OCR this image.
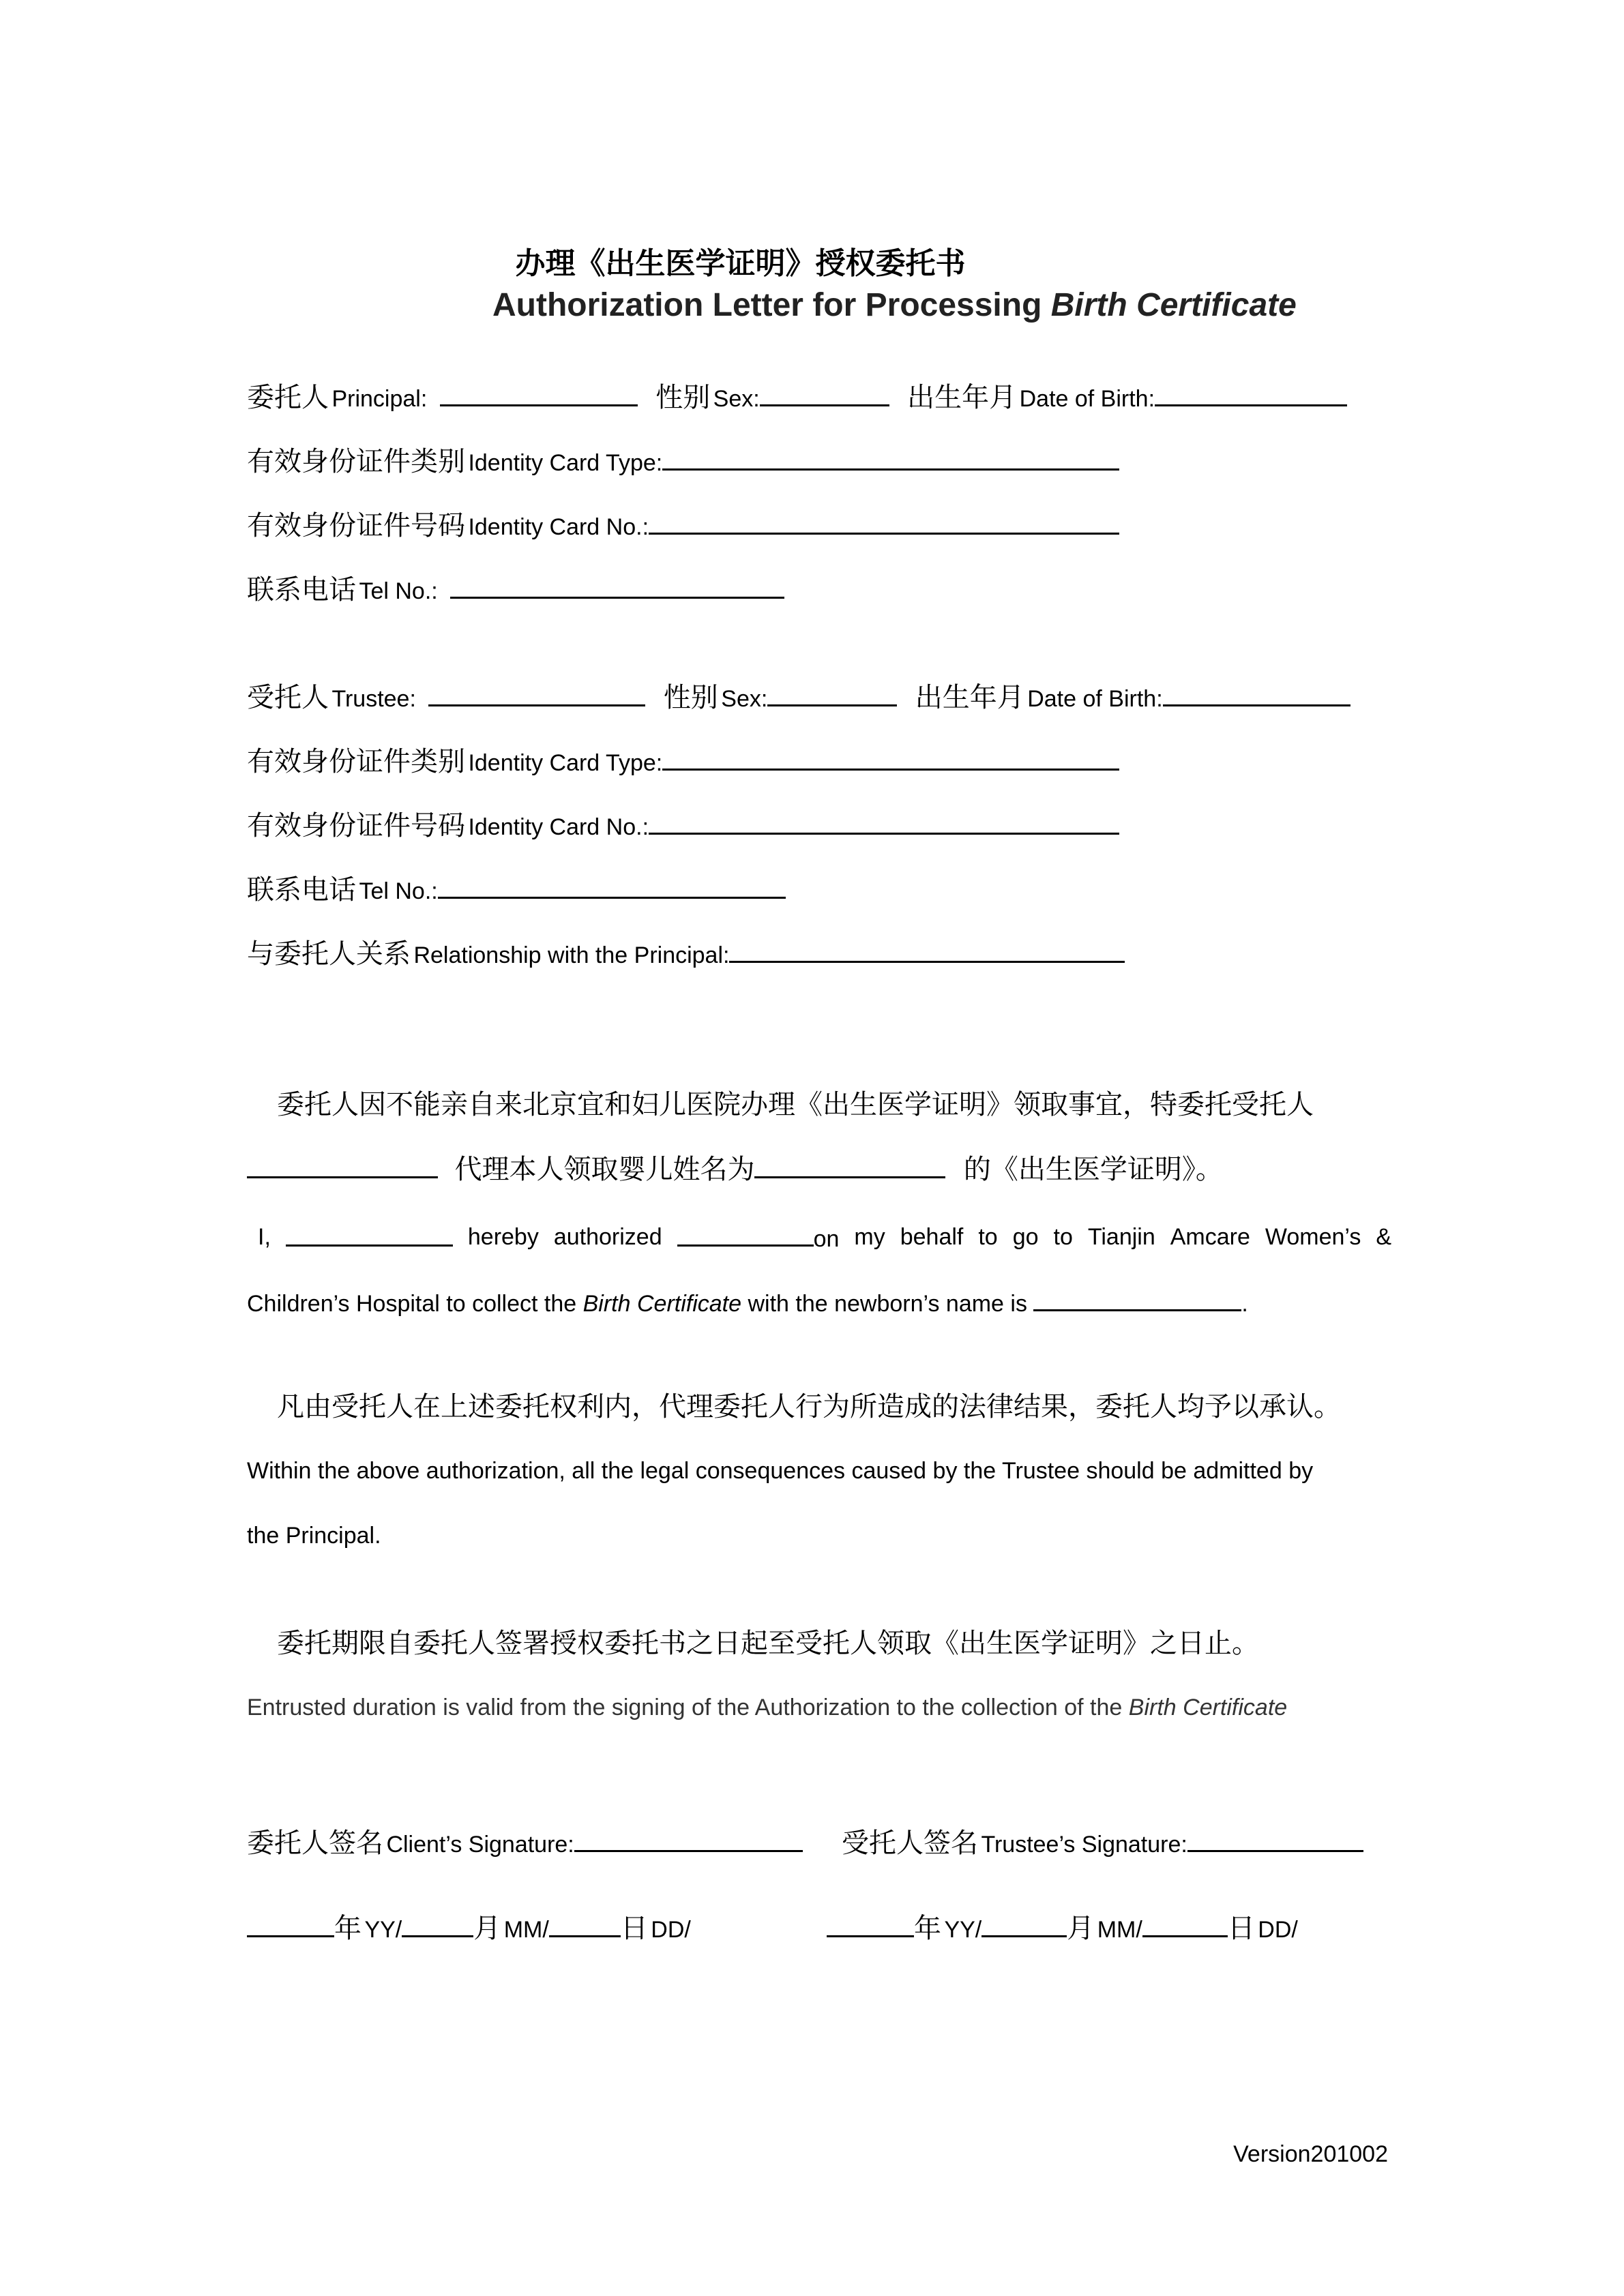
办理《出生医学证明》授权委托书
Authorization Letter for Processing Birth Certificate
委托人 Principal:	性别 Sex:	出生年月 Date of Birth:
有效身份证件类别 Identity Card Type:
有效身份证件号码 Identity Card No.:
联系电话 Tel No.:
受托人 Trustee:	性别 Sex:	出生年月 Date of Birth:
有效身份证件类别 Identity Card Type:
有效身份证件号码 Identity Card No.:
联系电话 Tel No.:
与委托人关系 Relationship with the Principal:
委托人因不能亲自来北京宜和妇儿医院办理《出生医学证明》领取事宜，特委托受托人
代理本人领取婴儿姓名为	的《出生医学证明》。
I,	hereby authorized	on my behalf to go to Tianjin Amcare Women’s &
Children’s Hospital to collect the Birth Certificate with the newborn’s name is	.
凡由受托人在上述委托权利内，代理委托人行为所造成的法律结果，委托人均予以承认。
Within the above authorization, all the legal consequences caused by the Trustee should be admitted by
the Principal.
委托期限自委托人签署授权委托书之日起至受托人领取《出生医学证明》之日止。
Entrusted duration is valid from the signing of the Authorization to the collection of the Birth Certificate
委托人签名 Client’s Signature:	受托人签名 Trustee’s Signature:
年 YY/	月 MM/	日 DD/	年 YY/	月 MM/	日 DD/
Version201002
